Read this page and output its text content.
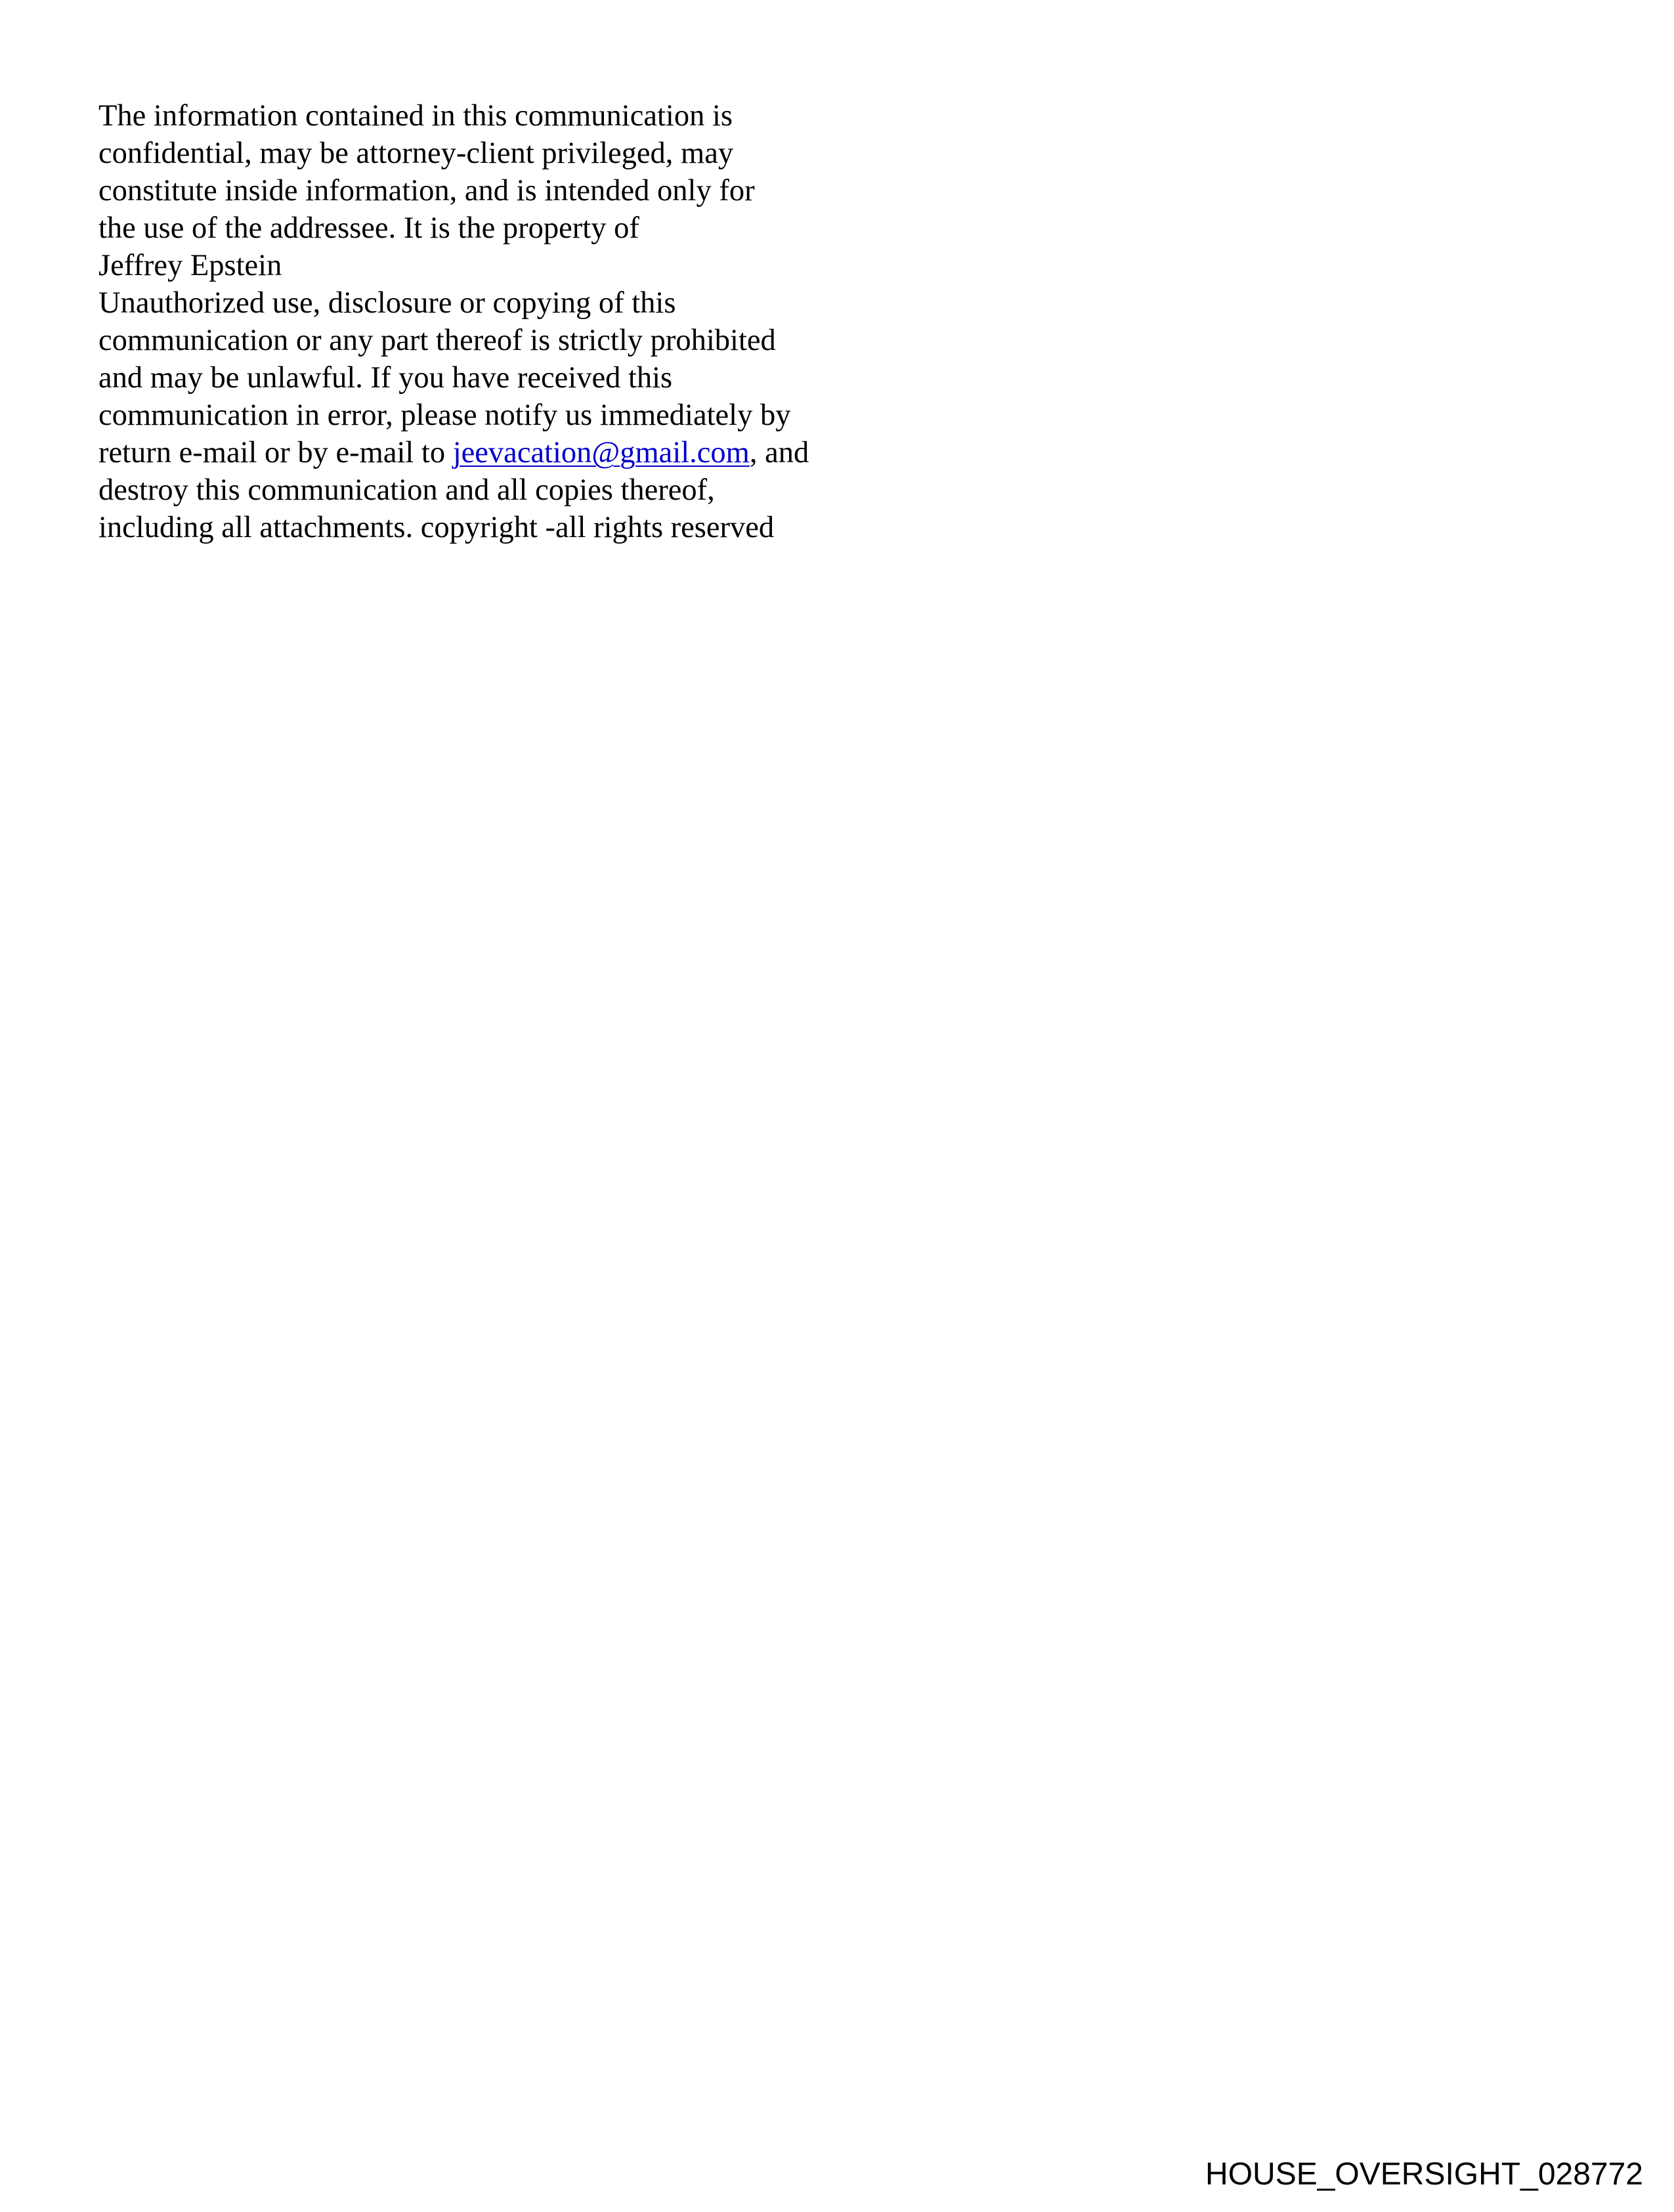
The information contained in this communication is
confidential, may be attorney-client privileged, may
constitute inside information, and is intended only for
the use of the addressee. It is the property of
Jeffrey Epstein
Unauthorized use, disclosure or copying of this
communication or any part thereof is strictly prohibited
and may be unlawful. If you have received this
communication in error, please notify us immediately by
return e-mail or by e-mail to jeevacation@gmail.com, and
destroy this communication and all copies thereof,
including all attachments. copyright -all rights reserved
HOUSE_OVERSIGHT_028772
